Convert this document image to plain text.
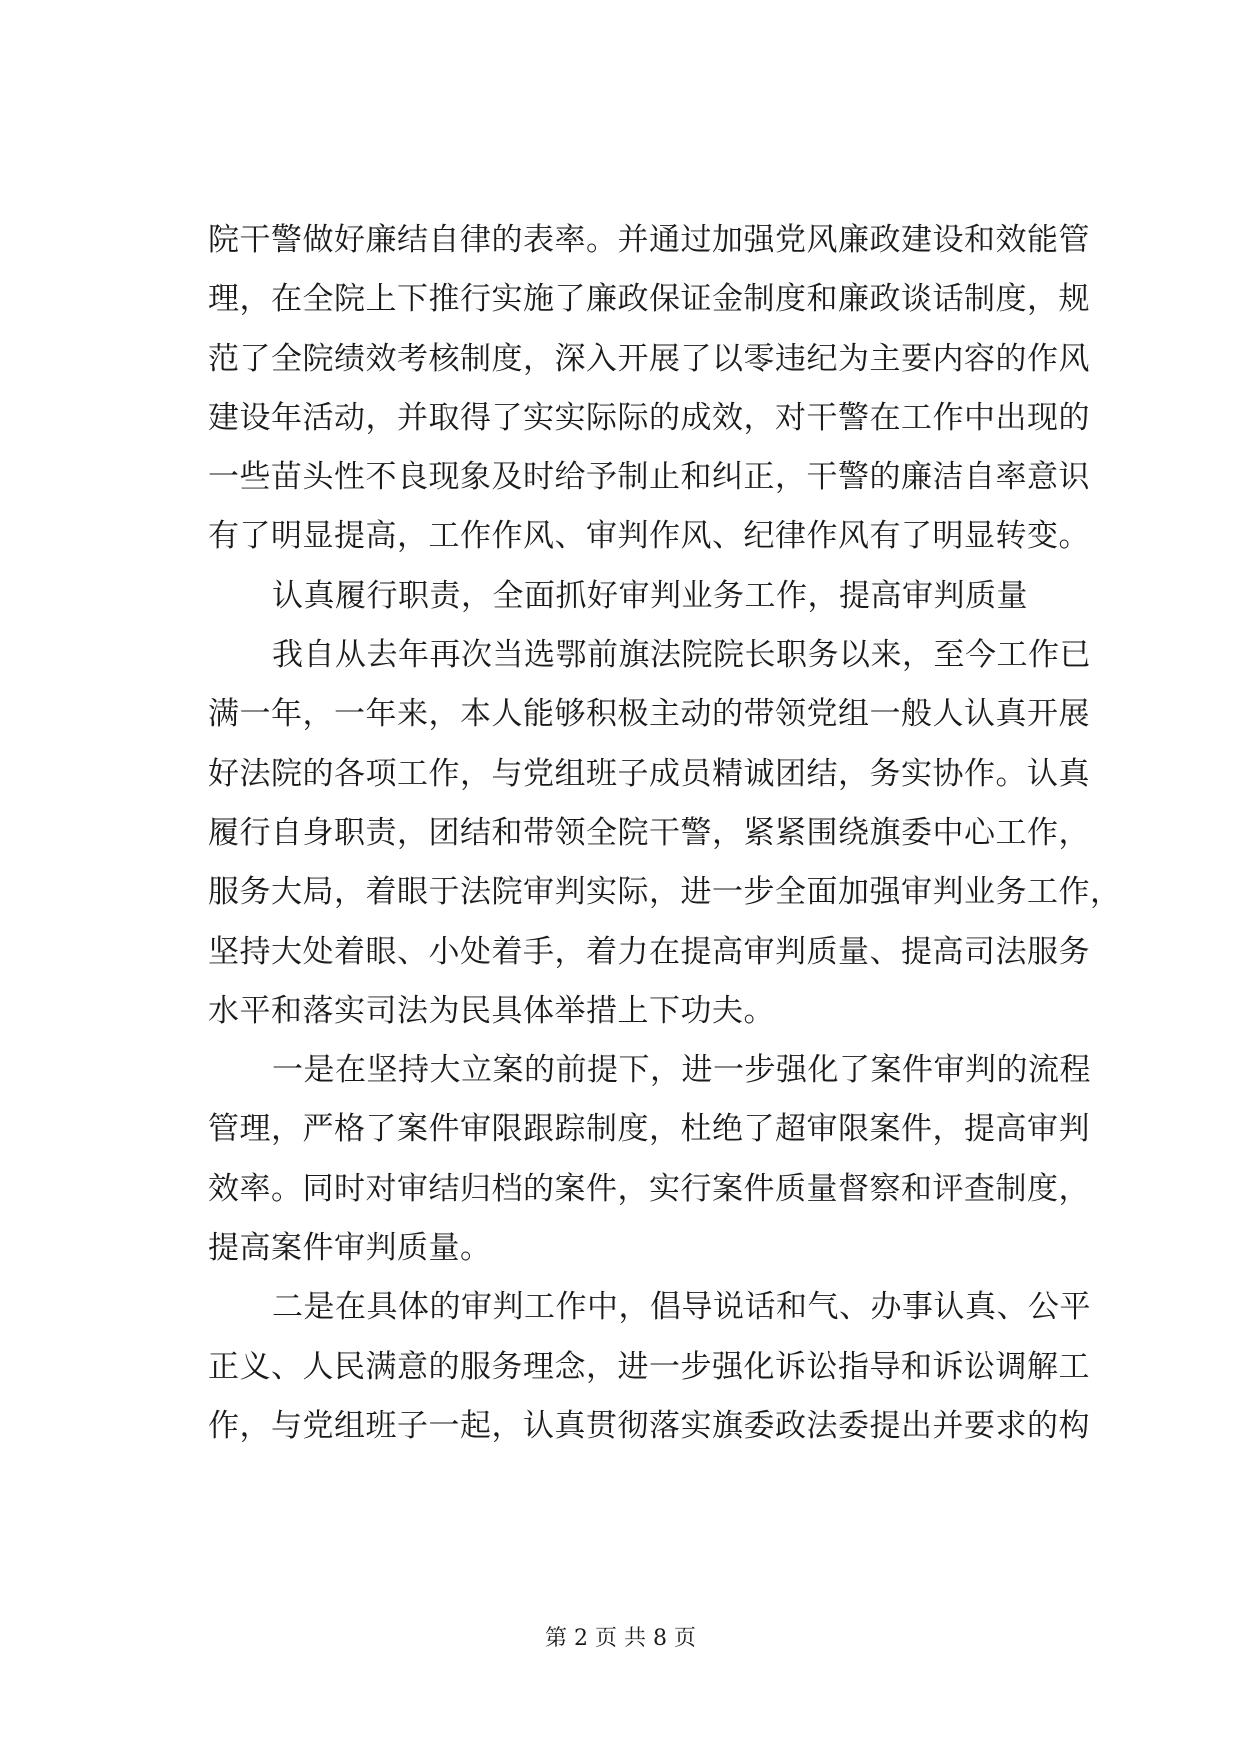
院干警做好廉结自律的表率。并通过加强党风廉政建设和效能管
理，在全院上下推行实施了廉政保证金制度和廉政谈话制度，规
范了全院绩效考核制度，深入开展了以零违纪为主要内容的作风
建设年活动，并取得了实实际际的成效，对干警在工作中出现的
一些苗头性不良现象及时给予制止和纠正，干警的廉洁自率意识
有了明显提高，工作作风、审判作风、纪律作风有了明显转变。
认真履行职责，全面抓好审判业务工作，提高审判质量
我自从去年再次当选鄂前旗法院院长职务以来，至今工作已
满一年，一年来，本人能够积极主动的带领党组一般人认真开展
好法院的各项工作，与党组班子成员精诚团结，务实协作。认真
履行自身职责，团结和带领全院干警，紧紧围绕旗委中心工作，
服务大局，着眼于法院审判实际，进一步全面加强审判业务工作，
坚持大处着眼、小处着手，着力在提高审判质量、提高司法服务
水平和落实司法为民具体举措上下功夫。
一是在坚持大立案的前提下，进一步强化了案件审判的流程
管理，严格了案件审限跟踪制度，杜绝了超审限案件，提高审判
效率。同时对审结归档的案件，实行案件质量督察和评查制度，
提高案件审判质量。
二是在具体的审判工作中，倡导说话和气、办事认真、公平
正义、人民满意的服务理念，进一步强化诉讼指导和诉讼调解工
作，与党组班子一起，认真贯彻落实旗委政法委提出并要求的构
第 2 页 共 8 页
